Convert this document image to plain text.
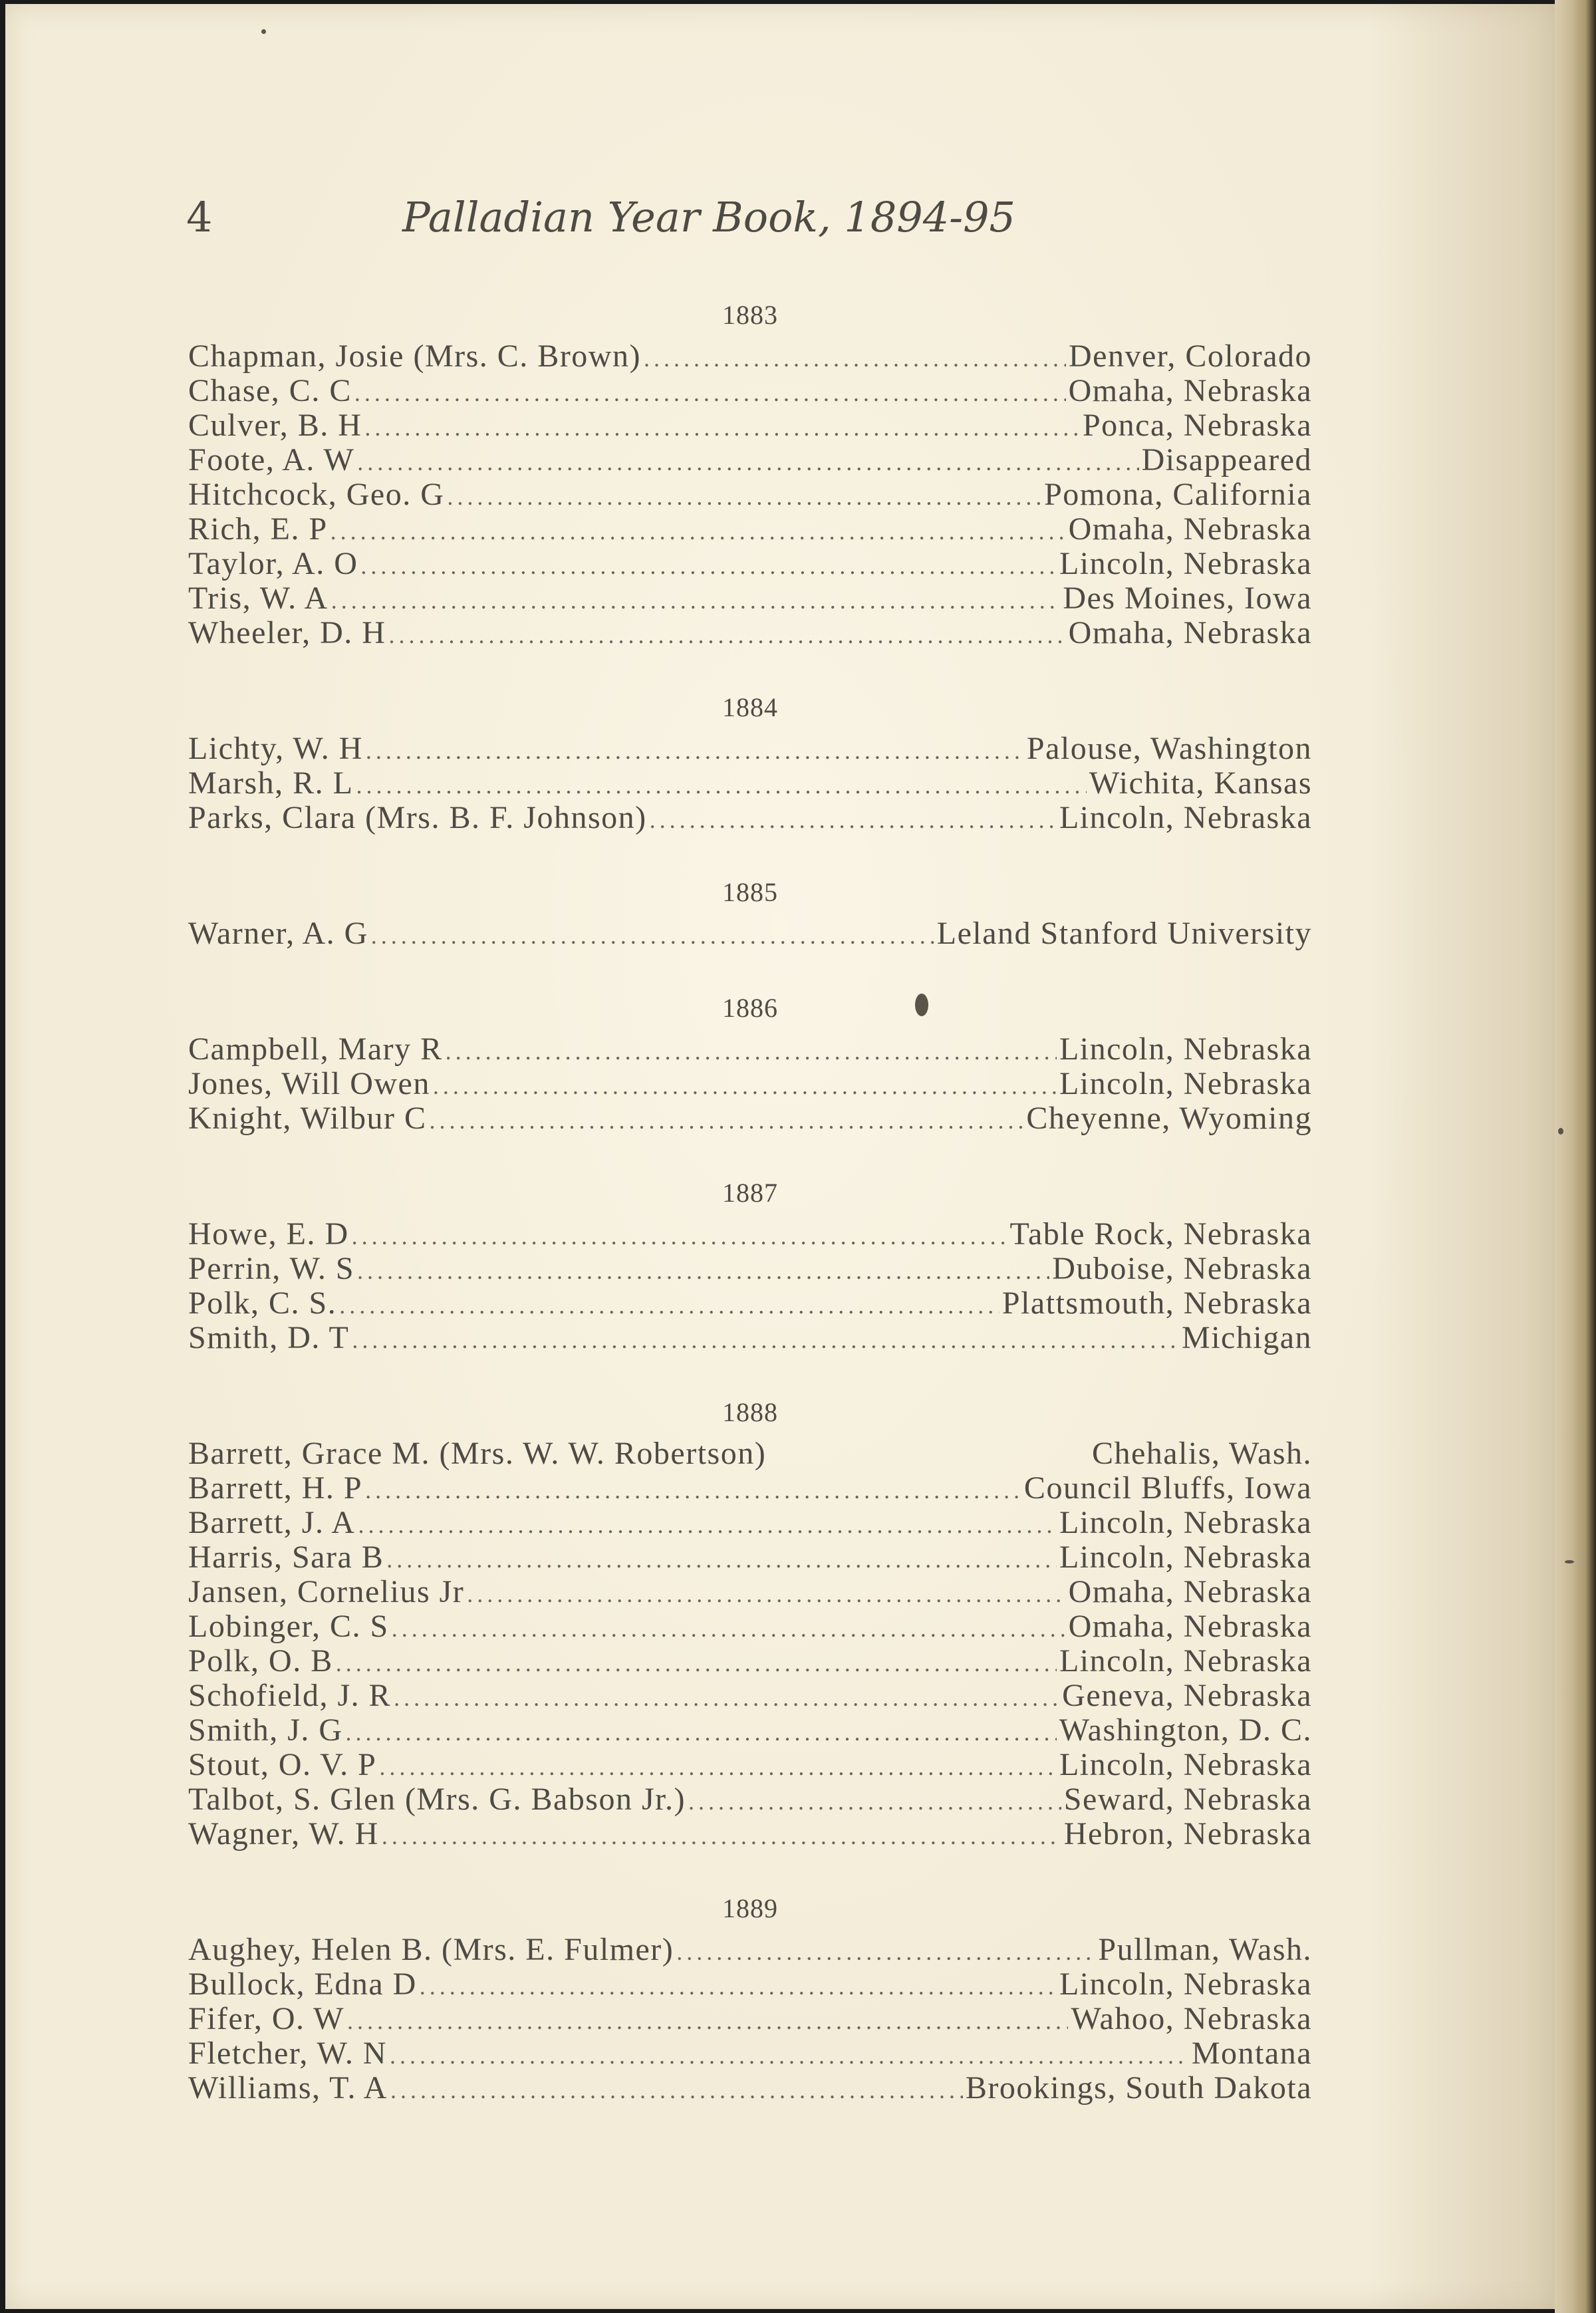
4	Palladian Year Book, 1894-95
1883
Chapman, Josie (Mrs. C. Brown) .....	Denver, Colorado
Chase, C. C .....	Omaha, Nebraska
Culver, B. H .....	Ponca, Nebraska
Foote, A. W .....	Disappeared
Hitchcock, Geo. G .....	Pomona, California
Rich, E. P .....	Omaha, Nebraska
Taylor, A. O .....	Lincoln, Nebraska
Tris, W. A .....	Des Moines, Iowa
Wheeler, D. H .....	Omaha, Nebraska
1884
Lichty, W. H .....	Palouse, Washington
Marsh, R. L .....	Wichita, Kansas
Parks, Clara (Mrs. B. F. Johnson) .....	Lincoln, Nebraska
1885
Warner, A. G .....	Leland Stanford University
1886
Campbell, Mary R .....	Lincoln, Nebraska
Jones, Will Owen .....	Lincoln, Nebraska
Knight, Wilbur C .....	Cheyenne, Wyoming
1887
Howe, E. D .....	Table Rock, Nebraska
Perrin, W. S .....	Duboise, Nebraska
Polk, C. S. .....	Plattsmouth, Nebraska
Smith, D. T .....	Michigan
1888
Barrett, Grace M. (Mrs. W. W. Robertson)	Chehalis, Wash.
Barrett, H. P .....	Council Bluffs, Iowa
Barrett, J. A .....	Lincoln, Nebraska
Harris, Sara B .....	Lincoln, Nebraska
Jansen, Cornelius Jr .....	Omaha, Nebraska
Lobinger, C. S .....	Omaha, Nebraska
Polk, O. B .....	Lincoln, Nebraska
Schofield, J. R .....	Geneva, Nebraska
Smith, J. G .....	Washington, D. C.
Stout, O. V. P .....	Lincoln, Nebraska
Talbot, S. Glen (Mrs. G. Babson Jr.) .....	Seward, Nebraska
Wagner, W. H .....	Hebron, Nebraska
1889
Aughey, Helen B. (Mrs. E. Fulmer) .....	Pullman, Wash.
Bullock, Edna D .....	Lincoln, Nebraska
Fifer, O. W .....	Wahoo, Nebraska
Fletcher, W. N .....	Montana
Williams, T. A .....	Brookings, South Dakota
